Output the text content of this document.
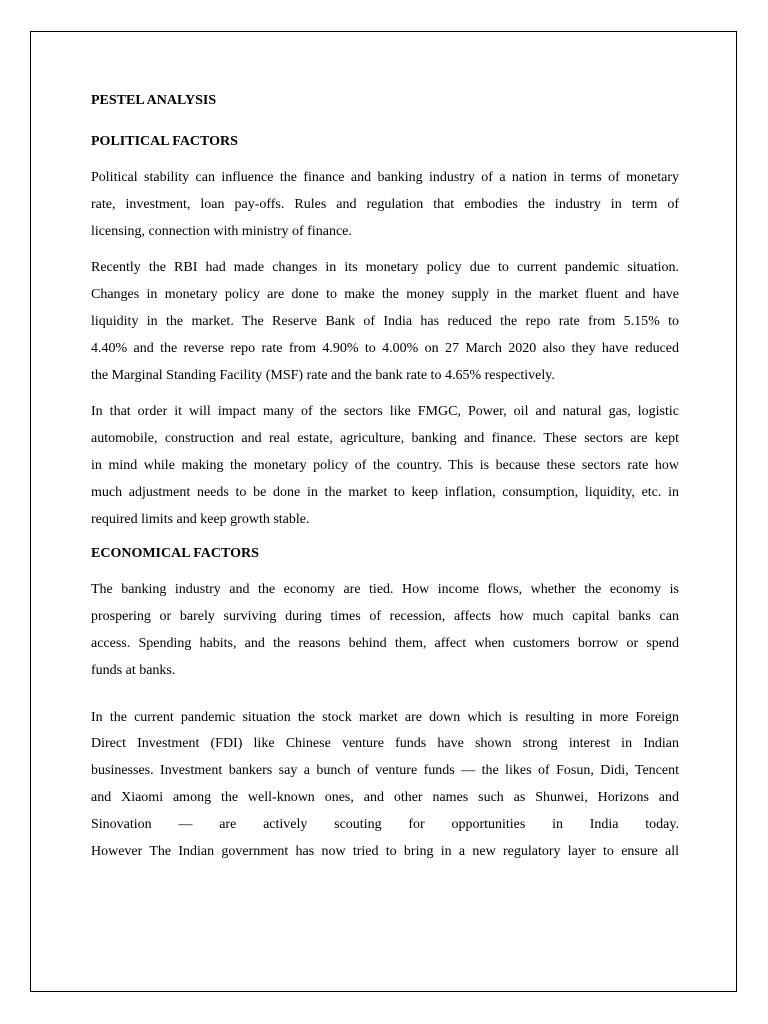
PESTEL ANALYSIS

POLITICAL FACTORS

Political stability can influence the finance and banking industry of a nation in terms of monetary
rate, investment, loan pay-offs. Rules and regulation that embodies the industry in term of
licensing, connection with ministry of finance.

Recently the RBI had made changes in its monetary policy due to current pandemic situation.
Changes in monetary policy are done to make the money supply in the market fluent and have
liquidity in the market. The Reserve Bank of India has reduced the repo rate from 5.15% to
4.40% and the reverse repo rate from 4.90% to 4.00% on 27 March 2020 also they have reduced
the Marginal Standing Facility (MSF) rate and the bank rate to 4.65% respectively.

In that order it will impact many of the sectors like FMGC, Power, oil and natural gas, logistic
automobile, construction and real estate, agriculture, banking and finance. These sectors are kept
in mind while making the monetary policy of the country. This is because these sectors rate how
much adjustment needs to be done in the market to keep inflation, consumption, liquidity, etc. in
required limits and keep growth stable.

ECONOMICAL FACTORS

The banking industry and the economy are tied. How income flows, whether the economy is
prospering or barely surviving during times of recession, affects how much capital banks can
access. Spending habits, and the reasons behind them, affect when customers borrow or spend
funds at banks.

In the current pandemic situation the stock market are down which is resulting in more Foreign
Direct Investment (FDI) like Chinese venture funds have shown strong interest in Indian
businesses. Investment bankers say a bunch of venture funds — the likes of Fosun, Didi, Tencent
and Xiaomi among the well-known ones, and other names such as Shunwei, Horizons and
Sinovation — are actively scouting for opportunities in India today.
However The Indian government has now tried to bring in a new regulatory layer to ensure all
